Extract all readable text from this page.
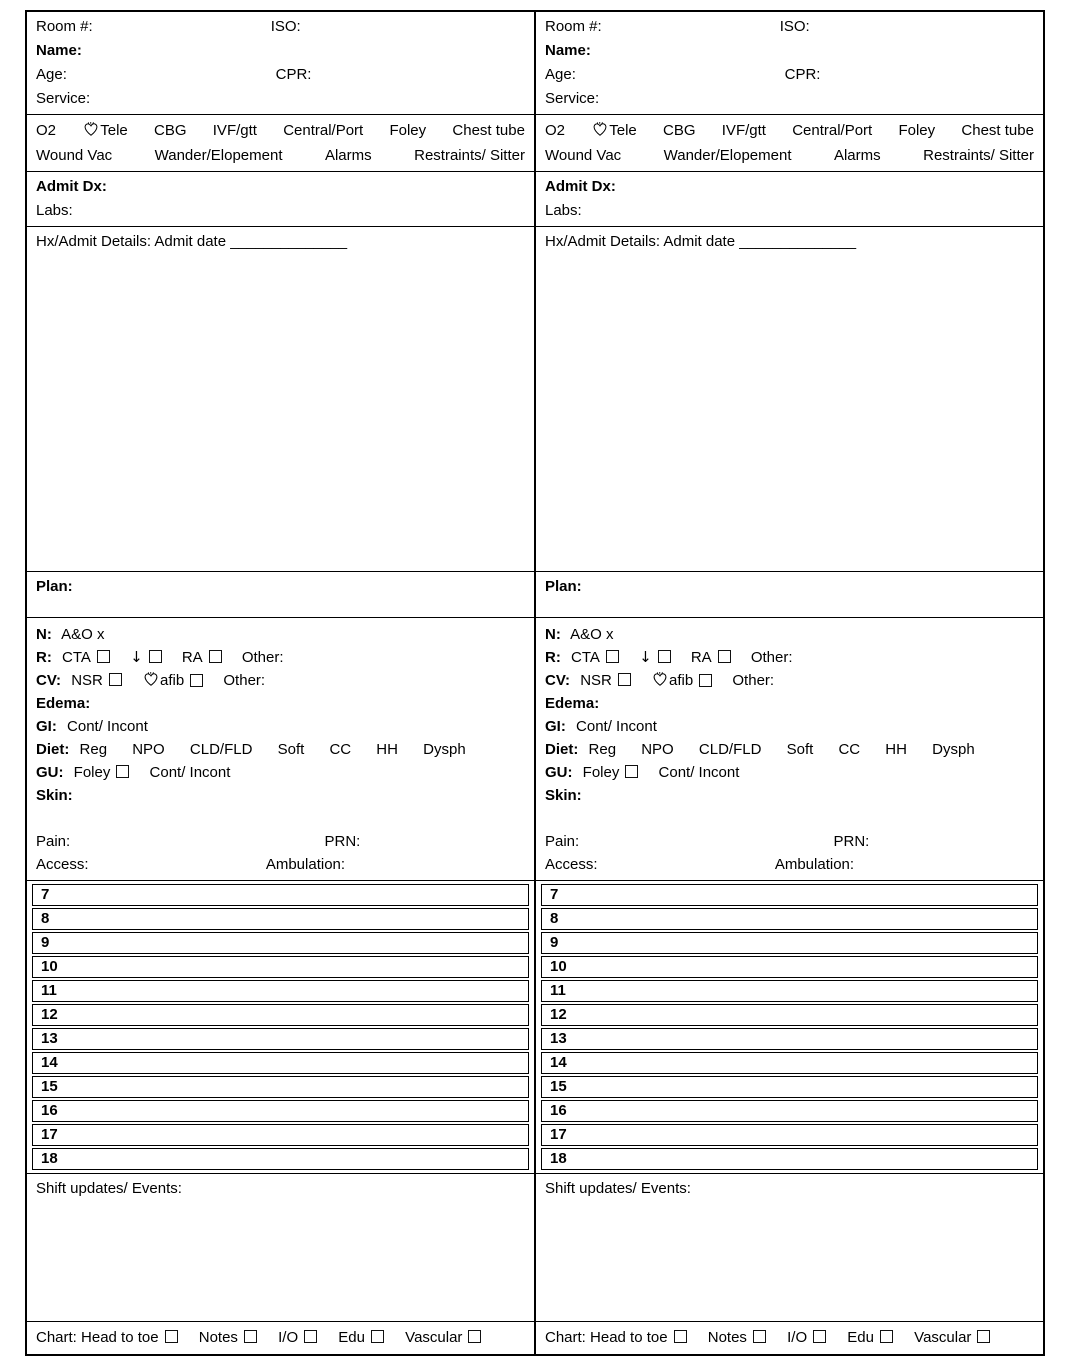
Room #:	ISO:
Name:
Age:	CPR:
Service:
O2	Tele CBG IVF/gtt Central/Port Foley Chest tube
Wound Vac	Wander/Elopement	Alarms	Restraints/ Sitter
Admit Dx:
Labs:
Hx/Admit Details: Admit date ______________
Plan:
N: A&O x
R: CTA	↓	RA	Other:
CV: NSR	afib	Other:
Edema:
GI: Cont/ Incont
Diet: Reg NPO CLD/FLD Soft CC HH Dysph
GU: Foley	Cont/ Incont
Skin:

Pain:	PRN:
Access:	Ambulation:
7
8
9
10
11
12
13
14
15
16
17
18
Shift updates/ Events:
Chart: Head to toe	Notes	I/O	Edu	Vascular
Room #:	ISO:
Name:
Age:	CPR:
Service:
O2	Tele CBG IVF/gtt Central/Port Foley Chest tube
Wound Vac	Wander/Elopement	Alarms	Restraints/ Sitter
Admit Dx:
Labs:
Hx/Admit Details: Admit date ______________
Plan:
N: A&O x
R: CTA	↓	RA	Other:
CV: NSR	afib	Other:
Edema:
GI: Cont/ Incont
Diet: Reg NPO CLD/FLD Soft CC HH Dysph
GU: Foley	Cont/ Incont
Skin:

Pain:	PRN:
Access:	Ambulation:
7
8
9
10
11
12
13
14
15
16
17
18
Shift updates/ Events:
Chart: Head to toe	Notes	I/O	Edu	Vascular
